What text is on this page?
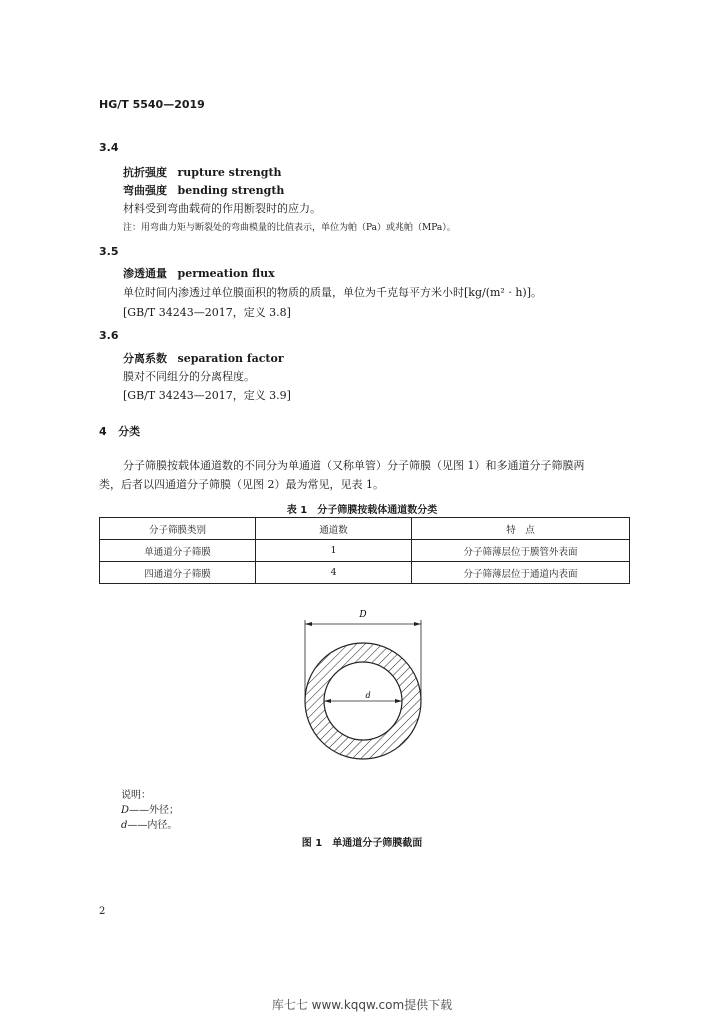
HG/T 5540—2019
3.4
抗折强度 rupture strength
弯曲强度 bending strength
材料受到弯曲载荷的作用断裂时的应力。
注：用弯曲力矩与断裂处的弯曲模量的比值表示，单位为帕（Pa）或兆帕（MPa）。
3.5
渗透通量 permeation flux
单位时间内渗透过单位膜面积的物质的质量，单位为千克每平方米小时[kg/(m² · h)]。
[GB/T 34243—2017，定义 3.8]
3.6
分离系数 separation factor
膜对不同组分的分离程度。
[GB/T 34243—2017，定义 3.9]
4 分类
分子筛膜按载体通道数的不同分为单通道（又称单管）分子筛膜（见图 1）和多通道分子筛膜两
类，后者以四通道分子筛膜（见图 2）最为常见，见表 1。
表 1　分子筛膜按载体通道数分类
分子筛膜类别	通道数	特　点
单通道分子筛膜	1	分子筛薄层位于膜管外表面
四通道分子筛膜	4	分子筛薄层位于通道内表面
d
说明：
D——外径；
d——内径。
图 1　单通道分子筛膜截面
2
库七七 www.kqqw.com提供下载
